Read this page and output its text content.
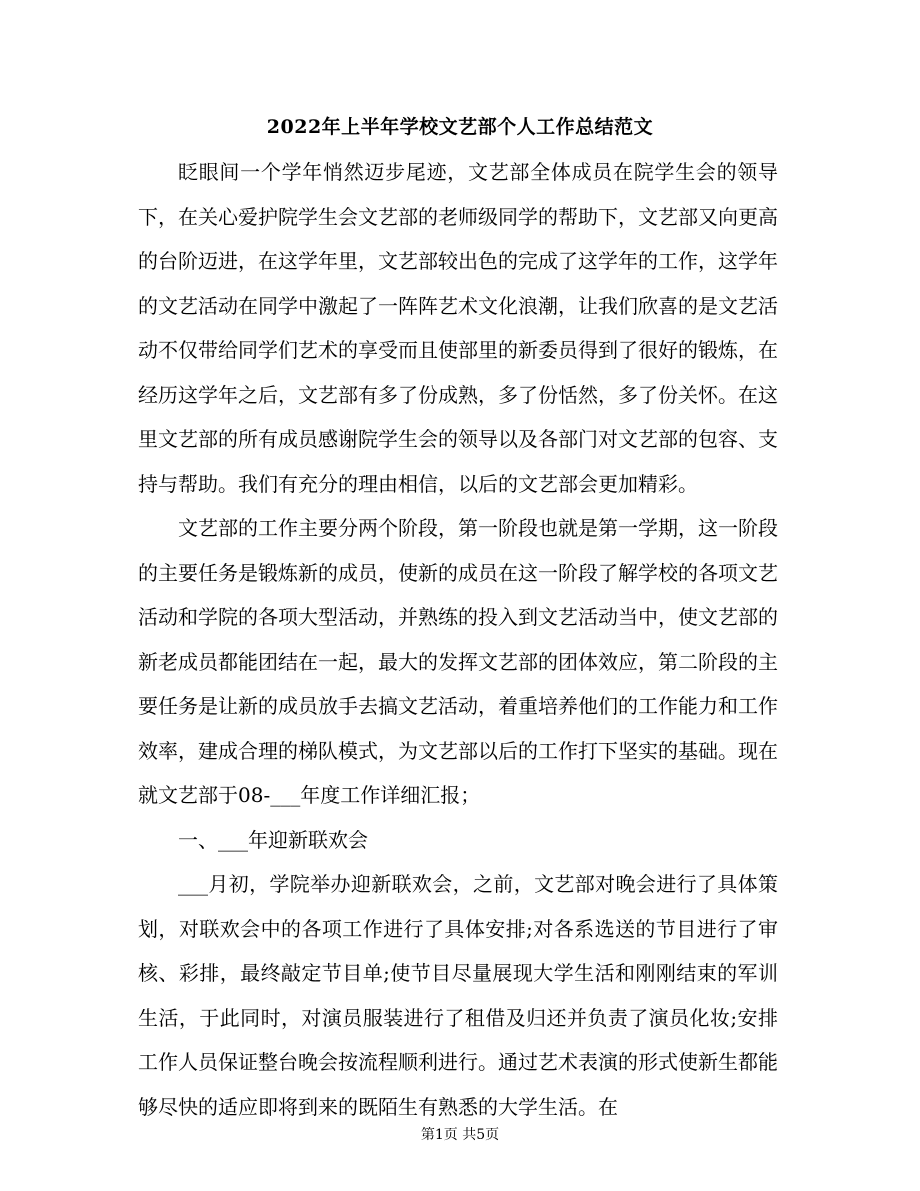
2022年上半年学校文艺部个人工作总结范文

眨眼间一个学年悄然迈步尾迹，文艺部全体成员在院学生会的领导下，在关心爱护院学生会文艺部的老师级同学的帮助下，文艺部又向更高的台阶迈进，在这学年里，文艺部较出色的完成了这学年的工作，这学年的文艺活动在同学中激起了一阵阵艺术文化浪潮，让我们欣喜的是文艺活动不仅带给同学们艺术的享受而且使部里的新委员得到了很好的锻炼，在经历这学年之后，文艺部有多了份成熟，多了份恬然，多了份关怀。在这里文艺部的所有成员感谢院学生会的领导以及各部门对文艺部的包容、支持与帮助。我们有充分的理由相信，以后的文艺部会更加精彩。

文艺部的工作主要分两个阶段，第一阶段也就是第一学期，这一阶段的主要任务是锻炼新的成员，使新的成员在这一阶段了解学校的各项文艺活动和学院的各项大型活动，并熟练的投入到文艺活动当中，使文艺部的新老成员都能团结在一起，最大的发挥文艺部的团体效应，第二阶段的主要任务是让新的成员放手去搞文艺活动，着重培养他们的工作能力和工作效率，建成合理的梯队模式，为文艺部以后的工作打下坚实的基础。现在就文艺部于08-___年度工作详细汇报；

一、___年迎新联欢会

___月初，学院举办迎新联欢会，之前，文艺部对晚会进行了具体策划，对联欢会中的各项工作进行了具体安排;对各系选送的节目进行了审核、彩排，最终敲定节目单;使节目尽量展现大学生活和刚刚结束的军训生活，于此同时，对演员服装进行了租借及归还并负责了演员化妆;安排工作人员保证整台晚会按流程顺利进行。通过艺术表演的形式使新生都能够尽快的适应即将到来的既陌生有熟悉的大学生活。在

第1页 共5页
